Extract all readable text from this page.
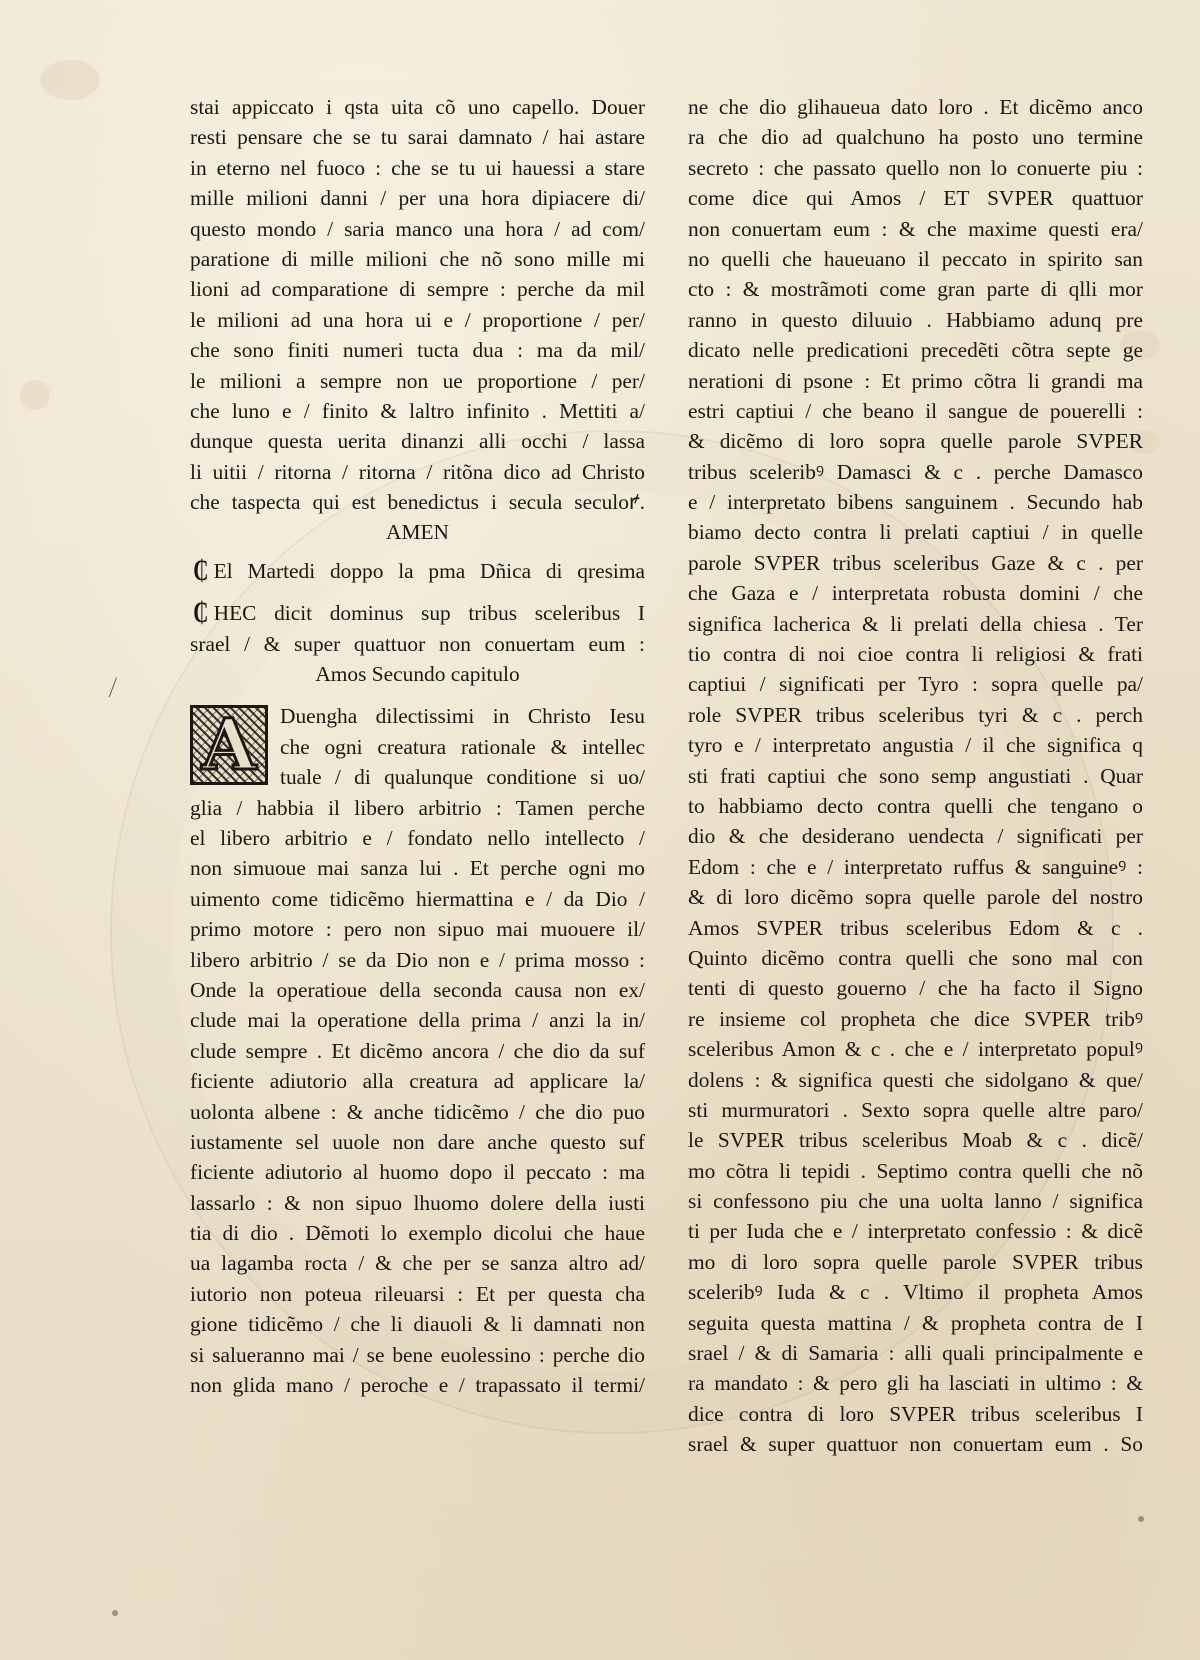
⁄
stai appiccato i qsta uita cõ uno capello. Douer
resti pensare che se tu sarai damnato / hai astare
in eterno nel fuoco : che se tu ui hauessi a stare
mille milioni danni / per una hora dipiacere di/
questo mondo / saria manco una hora / ad com/
paratione di mille milioni che nõ sono mille mi
lioni ad comparatione di sempre : perche da mil
le milioni ad una hora ui e / proportione / per/
che sono finiti numeri tucta dua : ma da mil/
le milioni a sempre non ue proportione / per/
che luno e / finito & laltro infinito . Mettiti a/
dunque questa uerita dinanzi alli occhi / lassa
li uitii / ritorna / ritorna / ritõna dico ad Christo
che taspecta qui est benedictus i secula seculoꝵ.
AMEN
₵ El Martedi doppo la pma Dñica di qresima
₵ HEC dicit dominus sup tribus sceleribus I
srael / & super quattuor non conuertam eum :
Amos Secundo capitulo
A Duengha dilectissimi in Christo Iesu
che ogni creatura rationale & intellec
tuale / di qualunque conditione si uo/
glia / habbia il libero arbitrio : Tamen perche
el libero arbitrio e / fondato nello intellecto /
non simuoue mai sanza lui . Et perche ogni mo
uimento come tidicẽmo hiermattina e / da Dio /
primo motore : pero non sipuo mai muouere il/
libero arbitrio / se da Dio non e / prima mosso :
Onde la operatioue della seconda causa non ex/
clude mai la operatione della prima / anzi la in/
clude sempre . Et dicẽmo ancora / che dio da suf
ficiente adiutorio alla creatura ad applicare la/
uolonta albene : & anche tidicẽmo / che dio puo
iustamente sel uuole non dare anche questo suf
ficiente adiutorio al huomo dopo il peccato : ma
lassarlo : & non sipuo lhuomo dolere della iusti
tia di dio . Dẽmoti lo exemplo dicolui che haue
ua lagamba rocta / & che per se sanza altro ad/
iutorio non poteua rileuarsi : Et per questa cha
gione tidicẽmo / che li diauoli & li damnati non
si salueranno mai / se bene euolessino : perche dio
non glida mano / peroche e / trapassato il termi/
ne che dio glihaueua dato loro . Et dicẽmo anco
ra che dio ad qualchuno ha posto uno termine
secreto : che passato quello non lo conuerte piu :
come dice qui Amos / ET SVPER quattuor
non conuertam eum : & che maxime questi era/
no quelli che haueuano il peccato in spirito san
cto : & mostrãmoti come gran parte di qlli mor
ranno in questo diluuio . Habbiamo adunq pre
dicato nelle predicationi precedẽti cõtra septe ge
nerationi di psone : Et primo cõtra li grandi ma
estri captiui / che beano il sangue de pouerelli :
& dicẽmo di loro sopra quelle parole SVPER
tribus sceleribꝰ Damasci & c . perche Damasco
e / interpretato bibens sanguinem . Secundo hab
biamo decto contra li prelati captiui / in quelle
parole SVPER tribus sceleribus Gaze & c . per
che Gaza e / interpretata robusta domini / che
significa lacherica & li prelati della chiesa . Ter
tio contra di noi cioe contra li religiosi & frati
captiui / significati per Tyro : sopra quelle pa/
role SVPER tribus sceleribus tyri & c . perch
tyro e / interpretato angustia / il che significa q
sti frati captiui che sono semp angustiati . Quar
to habbiamo decto contra quelli che tengano o
dio & che desiderano uendecta / significati per
Edom : che e / interpretato ruffus & sanguineꝰ :
& di loro dicẽmo sopra quelle parole del nostro
Amos SVPER tribus sceleribus Edom & c .
Quinto dicẽmo contra quelli che sono mal con
tenti di questo gouerno / che ha facto il Signo
re insieme col propheta che dice SVPER tribꝰ
sceleribus Amon & c . che e / interpretato populꝰ
dolens : & significa questi che sidolgano & que/
sti murmuratori . Sexto sopra quelle altre paro/
le SVPER tribus sceleribus Moab & c . dicẽ/
mo cõtra li tepidi . Septimo contra quelli che nõ
si confessono piu che una uolta lanno / significa
ti per Iuda che e / interpretato confessio : & dicẽ
mo di loro sopra quelle parole SVPER tribus
sceleribꝰ Iuda & c . Vltimo il propheta Amos
seguita questa mattina / & propheta contra de I
srael / & di Samaria : alli quali principalmente e
ra mandato : & pero gli ha lasciati in ultimo : &
dice contra di loro SVPER tribus sceleribus I
srael & super quattuor non conuertam eum . So
